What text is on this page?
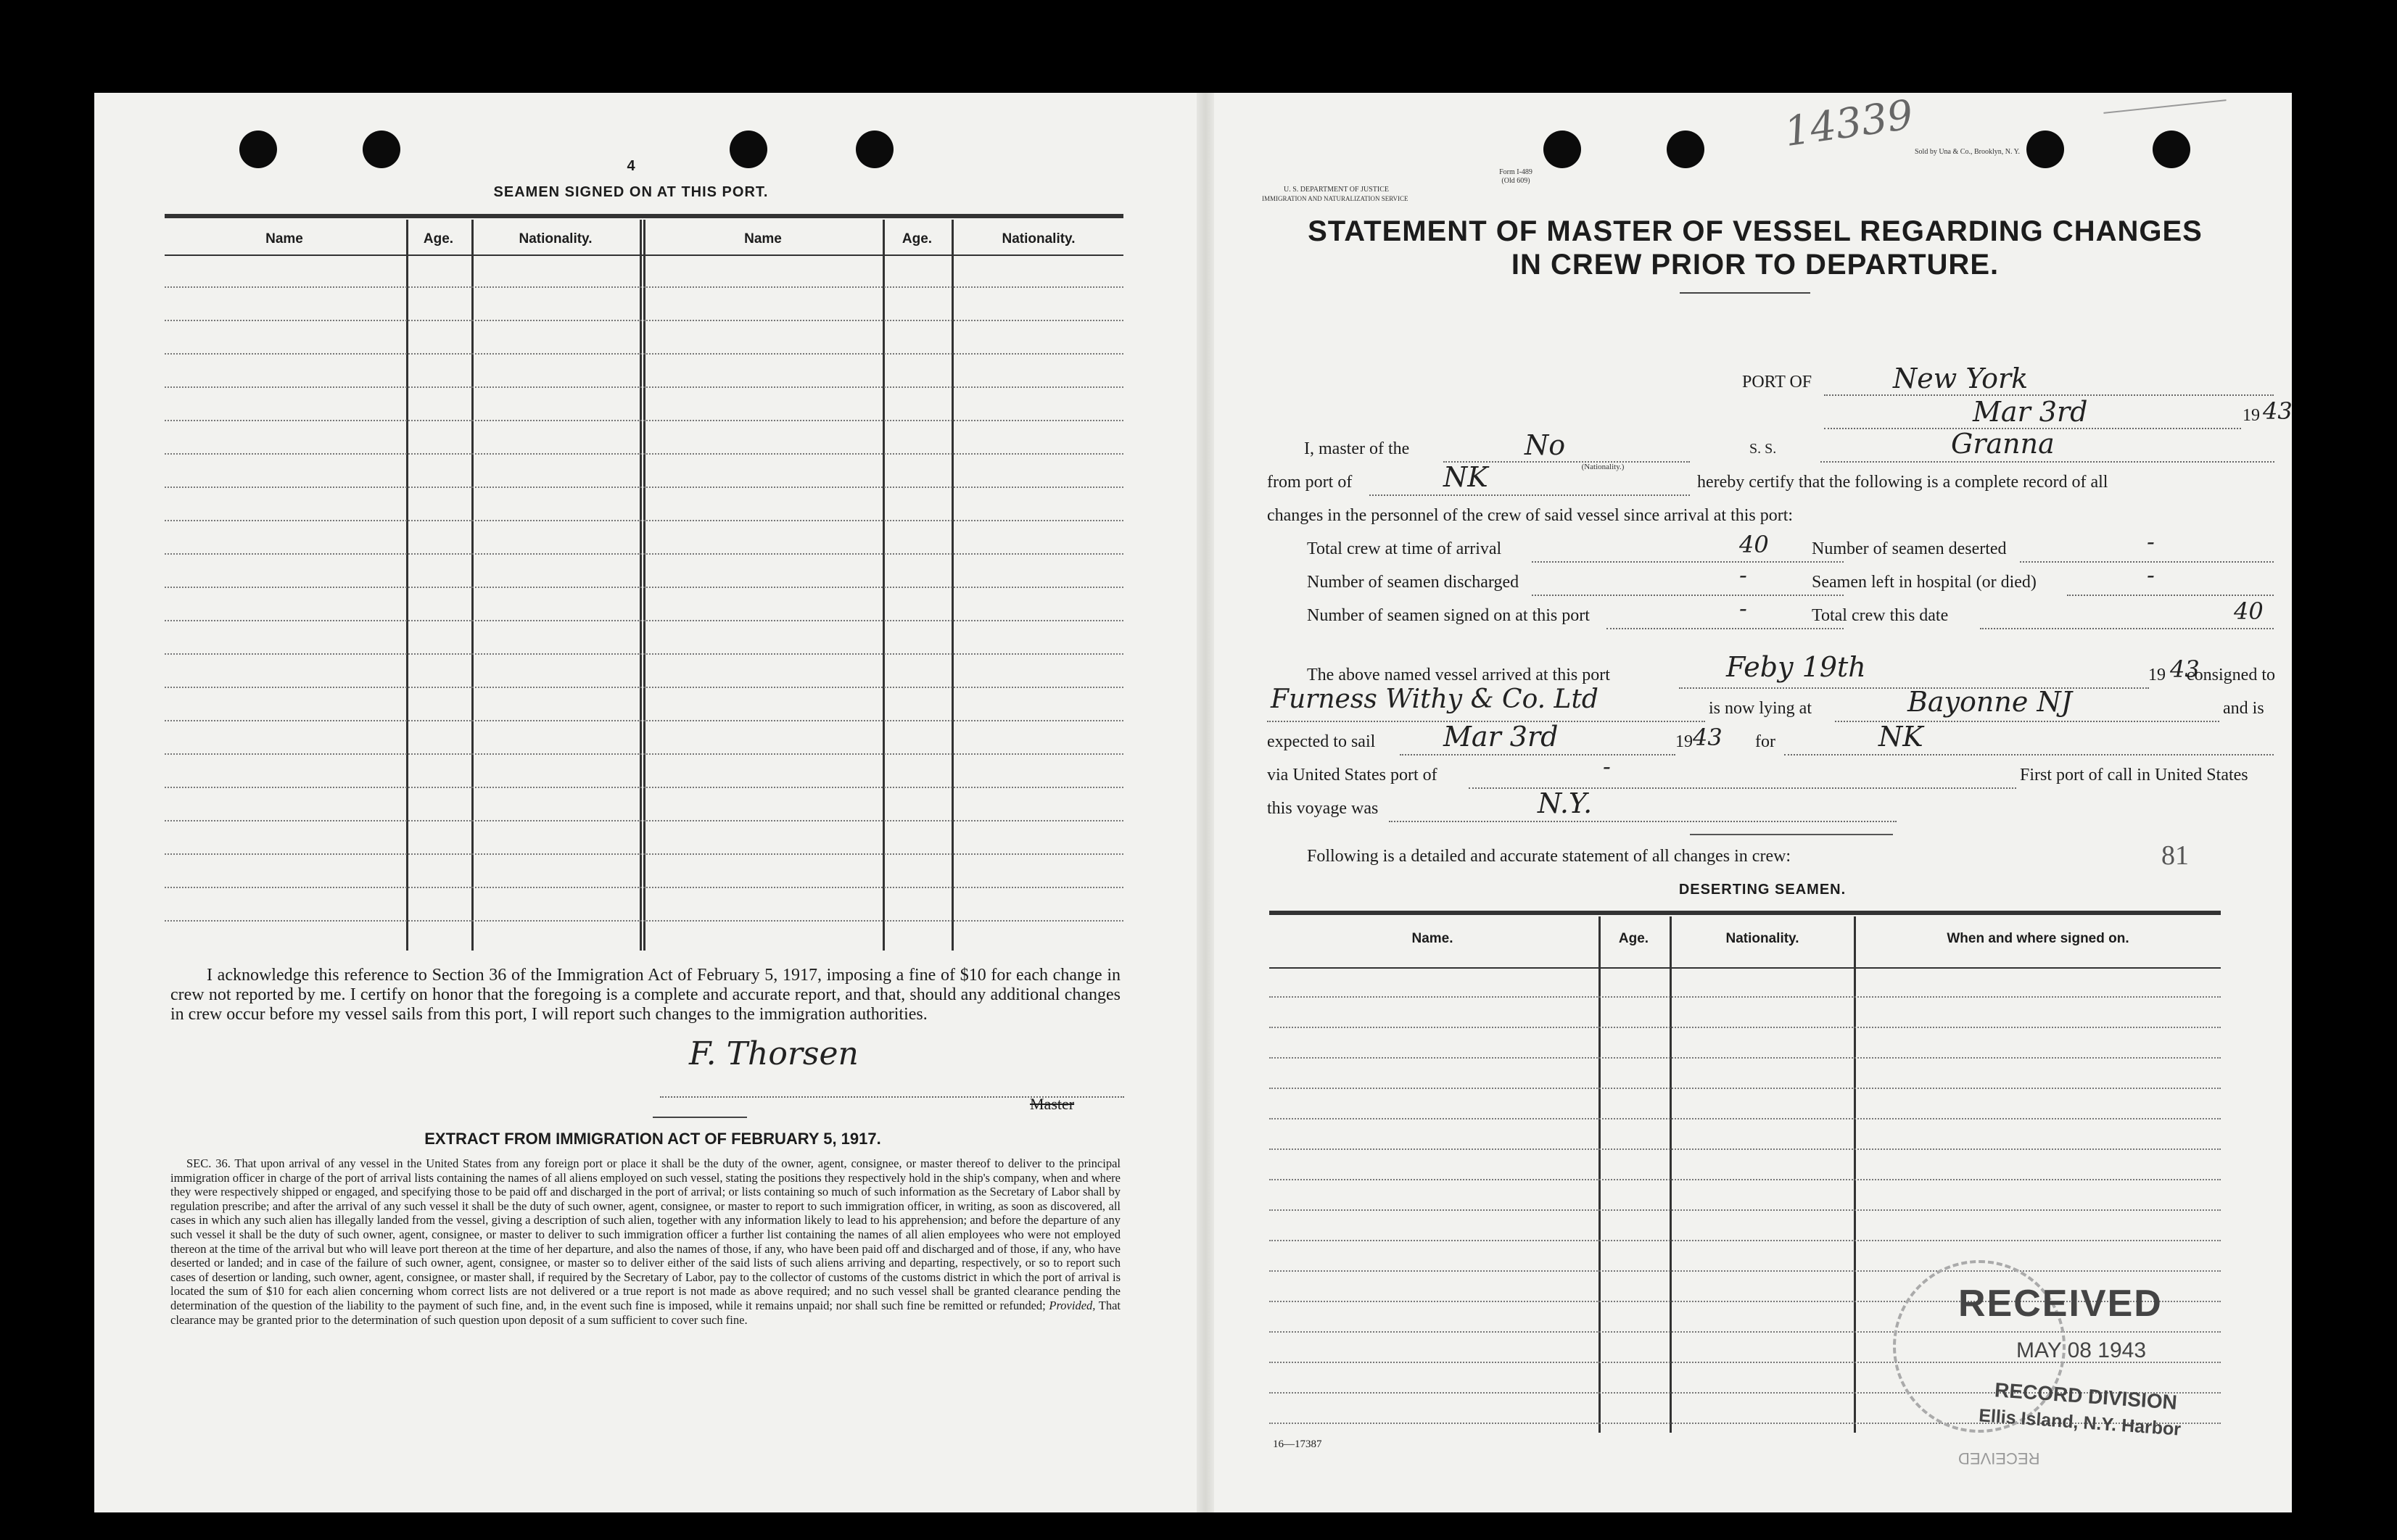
4
SEAMEN SIGNED ON AT THIS PORT.
Name	Age.	Nationality.	Name	Age.	Nationality.
I acknowledge this reference to Section 36 of the Immigration Act of February 5, 1917, imposing a fine of $10 for each change in crew not reported by me. I certify on honor that the foregoing is a complete and accurate report, and that, should any additional changes in crew occur before my vessel sails from this port, I will report such changes to the immigration authorities.
F. Thorsen
Master
EXTRACT FROM IMMIGRATION ACT OF FEBRUARY 5, 1917.
SEC. 36. That upon arrival of any vessel in the United States from any foreign port or place it shall be the duty of the owner, agent, consignee, or master thereof to deliver to the principal immigration officer in charge of the port of arrival lists containing the names of all aliens employed on such vessel, stating the positions they respectively hold in the ship's company, when and where they were respectively shipped or engaged, and specifying those to be paid off and discharged in the port of arrival; or lists containing so much of such information as the Secretary of Labor shall by regulation prescribe; and after the arrival of any such vessel it shall be the duty of such owner, agent, consignee, or master to report to such immigration officer, in writing, as soon as discovered, all cases in which any such alien has illegally landed from the vessel, giving a description of such alien, together with any information likely to lead to his apprehension; and before the departure of any such vessel it shall be the duty of such owner, agent, consignee, or master to deliver to such immigration officer a further list containing the names of all alien employees who were not employed thereon at the time of the arrival but who will leave port thereon at the time of her departure, and also the names of those, if any, who have been paid off and discharged and of those, if any, who have deserted or landed; and in case of the failure of such owner, agent, consignee, or master so to deliver either of the said lists of such aliens arriving and departing, respectively, or so to report such cases of desertion or landing, such owner, agent, consignee, or master shall, if required by the Secretary of Labor, pay to the collector of customs of the customs district in which the port of arrival is located the sum of $10 for each alien concerning whom correct lists are not delivered or a true report is not made as above required; and no such vessel shall be granted clearance pending the determination of the question of the liability to the payment of such fine, and, in the event such fine is imposed, while it remains unpaid; nor shall such fine be remitted or refunded; Provided, That clearance may be granted prior to the determination of such question upon deposit of a sum sufficient to cover such fine.
Form I-489
(Old 609)
U. S. DEPARTMENT OF JUSTICE
IMMIGRATION AND NATURALIZATION SERVICE
14339
Sold by Una & Co., Brooklyn, N. Y.
STATEMENT OF MASTER OF VESSEL REGARDING CHANGES
IN CREW PRIOR TO DEPARTURE.
PORT OF	New York
Mar 3rd	19 43
I, master of the	No
(Nationality.)
S. S.	Granna
from port of	NK	hereby certify that the following is a complete record of all
changes in the personnel of the crew of said vessel since arrival at this port:
Total crew at time of arrival	40 Number of seamen deserted	-
Number of seamen discharged	-	Seamen left in hospital (or died)	-
Number of seamen signed on at this port	-	Total crew this date	40
The above named vessel arrived at this port	Feby 19th	19 43
consigned to
Furness Withy & Co. Ltd	is now lying at	Bayonne NJ	and is
expected to sail Mar 3rd	19 43 for	NK
via United States port of	-	First port of call in United States
this voyage was	N.Y.
Following is a detailed and accurate statement of all changes in crew:	81
DESERTING SEAMEN.
Name.	Age.	Nationality.	When and where signed on.
16—17387
RECEIVED
MAY 08 1943
RECORD DIVISION
Ellis Island, N.Y. Harbor
RECEIVED
